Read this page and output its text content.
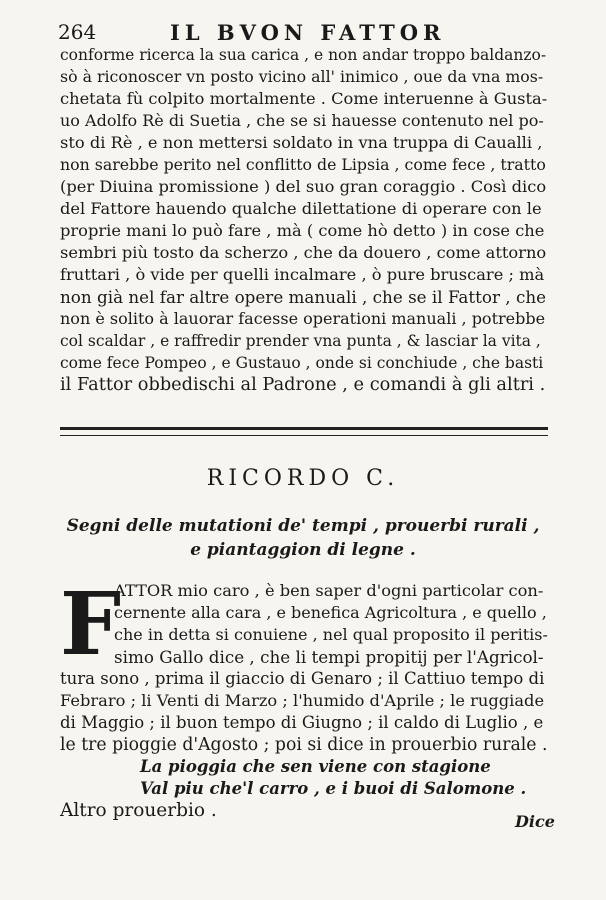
264	IL BVON FATTOR
conforme ricerca la sua carica , e non andar troppo baldanzo-
sò à riconoscer vn posto vicino all' inimico , oue da vna mos-
chetata fù colpito mortalmente . Come interuenne à Gusta-
uo Adolfo Rè di Suetia , che se si hauesse contenuto nel po-
sto di Rè , e non mettersi soldato in vna truppa di Caualli ,
non sarebbe perito nel conflitto de Lipsia , come fece , tratto
(per Diuina promissione ) del suo gran coraggio . Così dico
del Fattore hauendo qualche dilettatione di operare con le
proprie mani lo può fare , mà ( come hò detto ) in cose che
sembri più tosto da scherzo , che da douero , come attorno
fruttari , ò vide per quelli incalmare , ò pure bruscare ; mà
non già nel far altre opere manuali , che se il Fattor , che
non è solito à lauorar facesse operationi manuali , potrebbe
col scaldar , e raffredir prender vna punta , & lasciar la vita ,
come fece Pompeo , e Gustauo , onde si conchiude , che basti
il Fattor obbedischi al Padrone , e comandi à gli altri .
RICORDO C.
Segni delle mutationi de' tempi , prouerbi rurali ,
e piantaggion di legne .
F
ATTOR mio caro , è ben saper d'ogni particolar con-
cernente alla cara , e benefica Agricoltura , e quello ,
che in detta si conuiene , nel qual proposito il peritis-
simo Gallo dice , che li tempi propitij per l'Agricol-
tura sono , prima il giaccio di Genaro ; il Cattiuo tempo di
Febraro ; li Venti di Marzo ; l'humido d'Aprile ; le ruggiade
di Maggio ; il buon tempo di Giugno ; il caldo di Luglio , e
le tre pioggie d'Agosto ; poi si dice in prouerbio rurale .
La pioggia che sen viene con stagione
Val piu che'l carro , e i buoi di Salomone .
Altro prouerbio .
Dice
